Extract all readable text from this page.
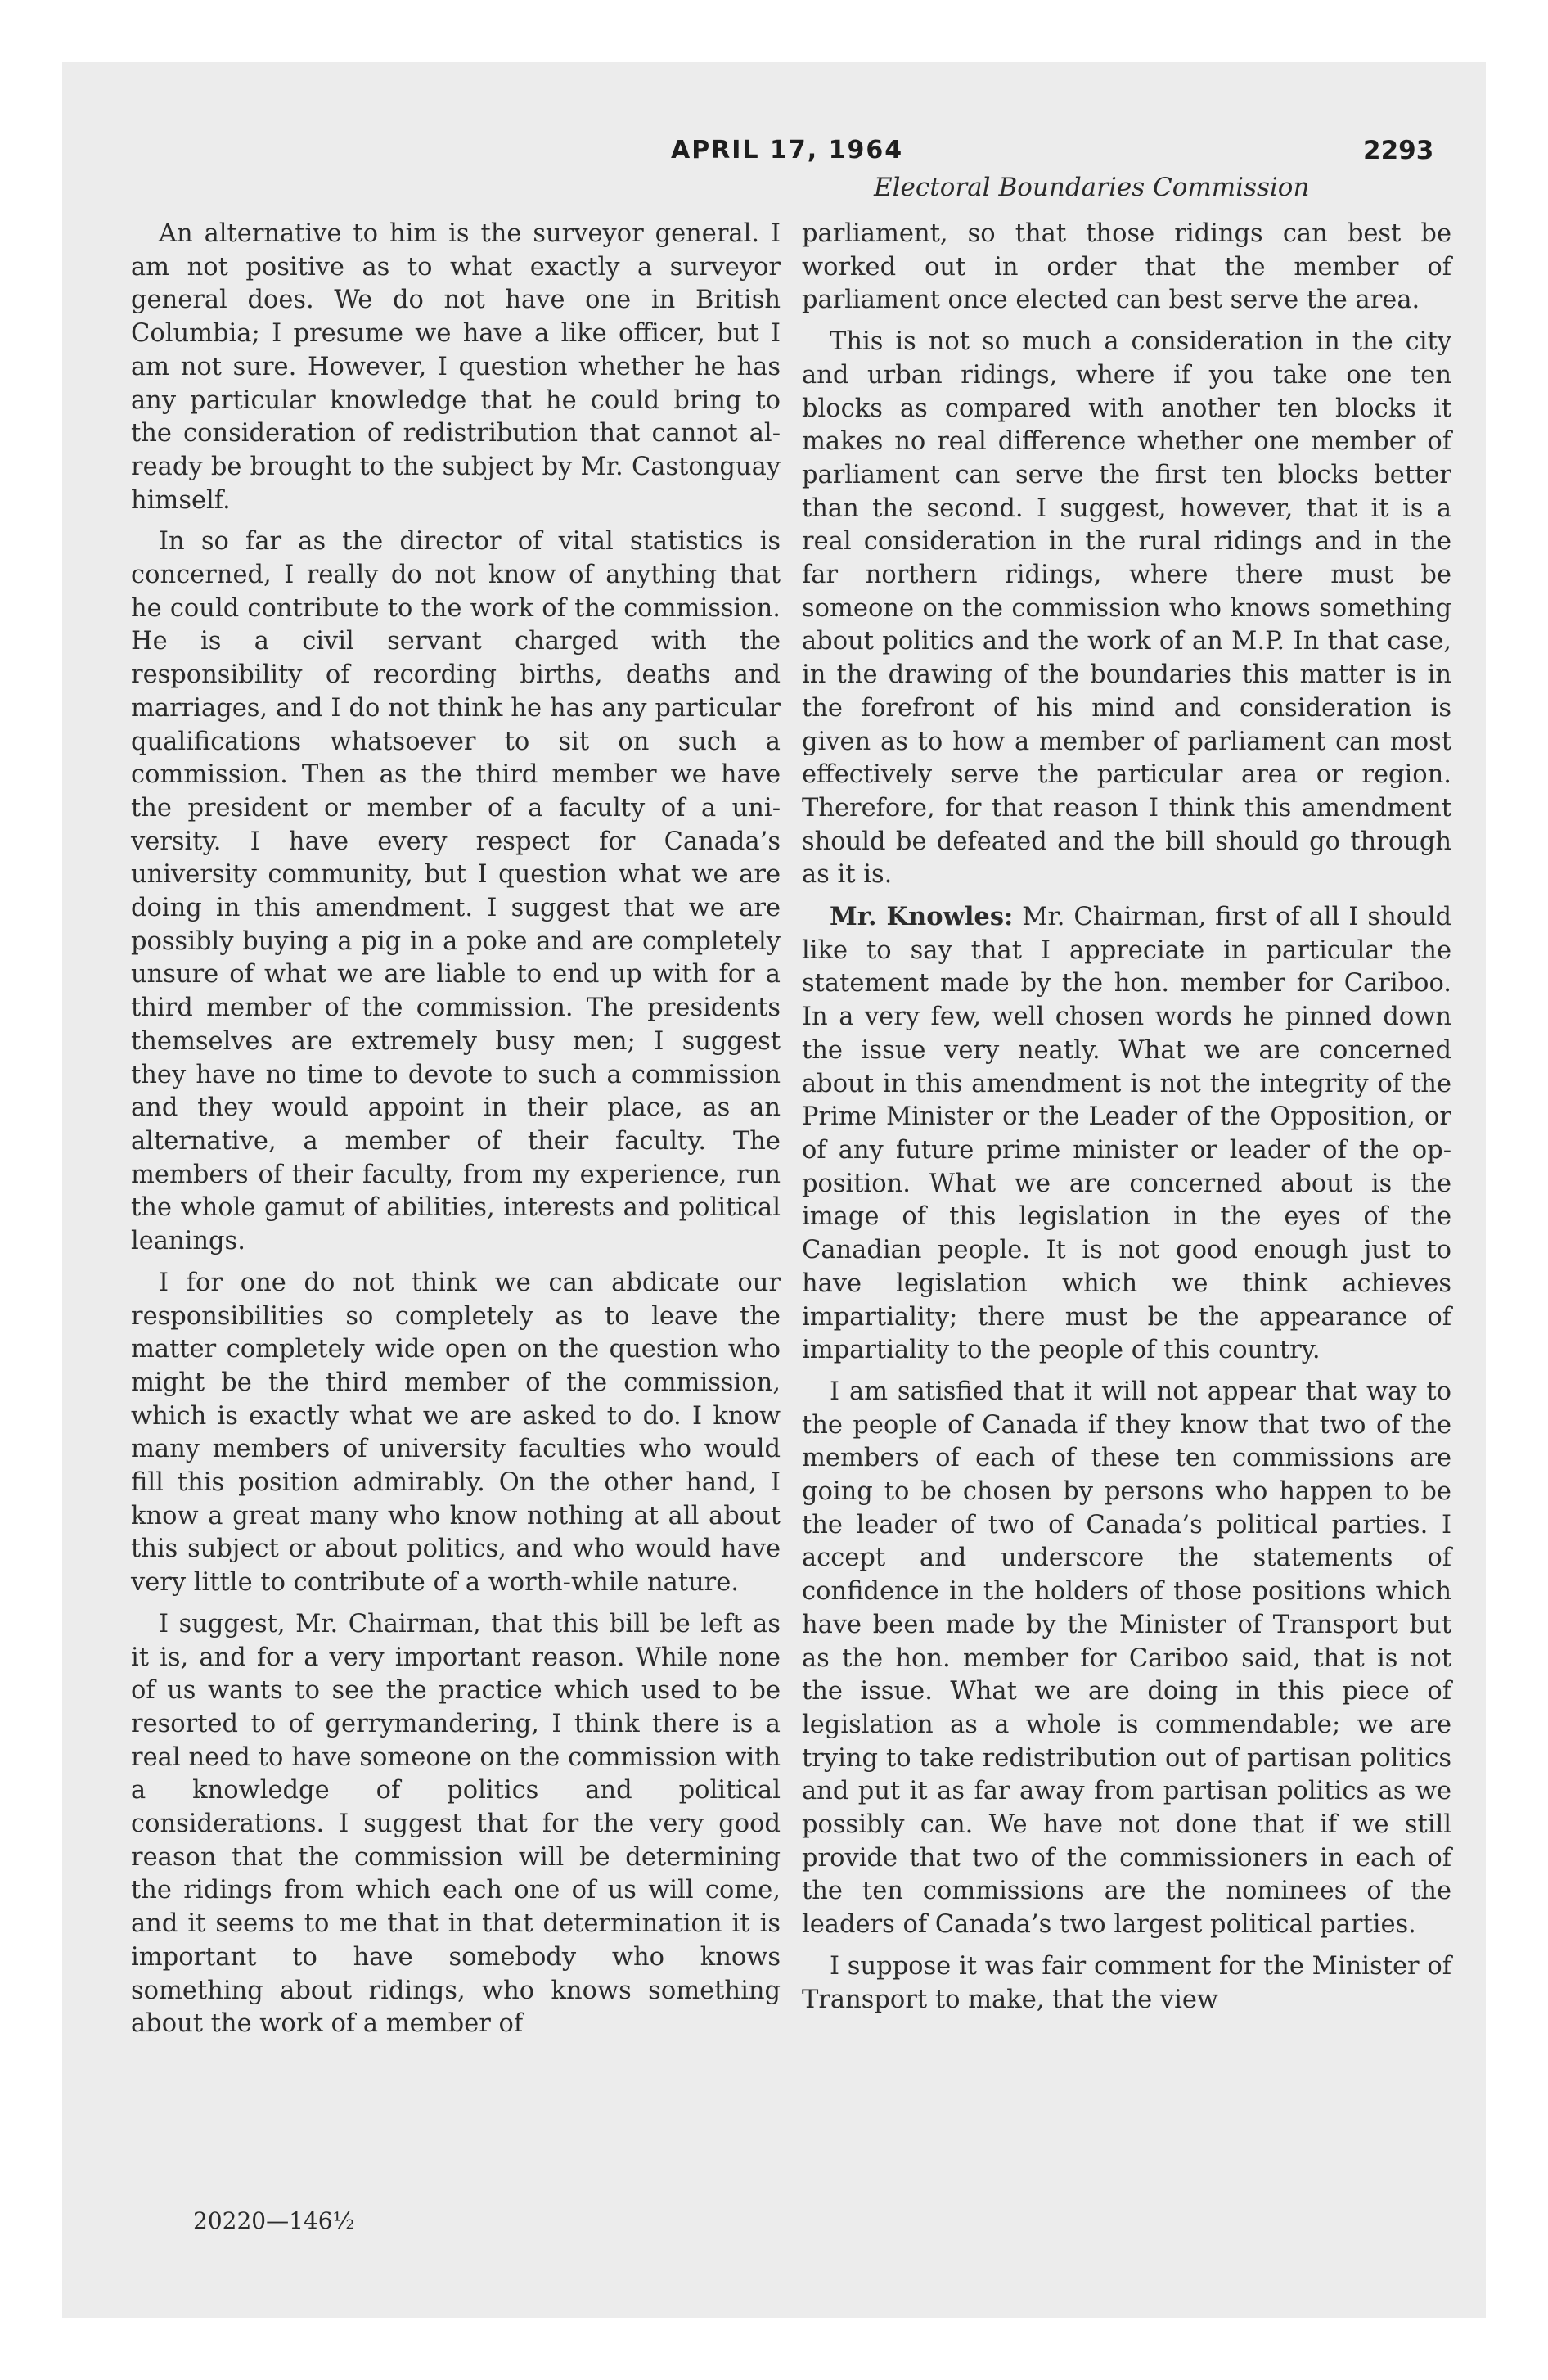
APRIL 17, 1964	2293
Electoral Boundaries Commission

An alternative to him is the surveyor general. I am not positive as to what exactly a surveyor general does. We do not have one in British Columbia; I presume we have a like officer, but I am not sure. However, I question whether he has any particular knowledge that he could bring to the consideration of redistribution that cannot already be brought to the subject by Mr. Castonguay himself.

In so far as the director of vital statistics is concerned, I really do not know of anything that he could contribute to the work of the commission. He is a civil servant charged with the responsibility of recording births, deaths and marriages, and I do not think he has any particular qualifications whatsoever to sit on such a commission. Then as the third member we have the president or member of a faculty of a university. I have every respect for Canada’s university community, but I question what we are doing in this amendment. I suggest that we are possibly buying a pig in a poke and are completely unsure of what we are liable to end up with for a third member of the commission. The presidents themselves are extremely busy men; I suggest they have no time to devote to such a commission and they would appoint in their place, as an alternative, a member of their faculty. The members of their faculty, from my experience, run the whole gamut of abilities, interests and political leanings.

I for one do not think we can abdicate our responsibilities so completely as to leave the matter completely wide open on the question who might be the third member of the commission, which is exactly what we are asked to do. I know many members of university faculties who would fill this position admirably. On the other hand, I know a great many who know nothing at all about this subject or about politics, and who would have very little to contribute of a worth-while nature.

I suggest, Mr. Chairman, that this bill be left as it is, and for a very important reason. While none of us wants to see the practice which used to be resorted to of gerrymandering, I think there is a real need to have someone on the commission with a knowledge of politics and political considerations. I suggest that for the very good reason that the commission will be determining the ridings from which each one of us will come, and it seems to me that in that determination it is important to have somebody who knows something about ridings, who knows something about the work of a member of

parliament, so that those ridings can best be worked out in order that the member of parliament once elected can best serve the area.

This is not so much a consideration in the city and urban ridings, where if you take one ten blocks as compared with another ten blocks it makes no real difference whether one member of parliament can serve the first ten blocks better than the second. I suggest, however, that it is a real consideration in the rural ridings and in the far northern ridings, where there must be someone on the commission who knows something about politics and the work of an M.P. In that case, in the drawing of the boundaries this matter is in the forefront of his mind and consideration is given as to how a member of parliament can most effectively serve the particular area or region. Therefore, for that reason I think this amendment should be defeated and the bill should go through as it is.

Mr. Knowles: Mr. Chairman, first of all I should like to say that I appreciate in particular the statement made by the hon. member for Cariboo. In a very few, well chosen words he pinned down the issue very neatly. What we are concerned about in this amendment is not the integrity of the Prime Minister or the Leader of the Opposition, or of any future prime minister or leader of the opposition. What we are concerned about is the image of this legislation in the eyes of the Canadian people. It is not good enough just to have legislation which we think achieves impartiality; there must be the appearance of impartiality to the people of this country.

I am satisfied that it will not appear that way to the people of Canada if they know that two of the members of each of these ten commissions are going to be chosen by persons who happen to be the leader of two of Canada’s political parties. I accept and underscore the statements of confidence in the holders of those positions which have been made by the Minister of Transport but as the hon. member for Cariboo said, that is not the issue. What we are doing in this piece of legislation as a whole is commendable; we are trying to take redistribution out of partisan politics and put it as far away from partisan politics as we possibly can. We have not done that if we still provide that two of the commissioners in each of the ten commissions are the nominees of the leaders of Canada’s two largest political parties.

I suppose it was fair comment for the Minister of Transport to make, that the view

20220—146½
